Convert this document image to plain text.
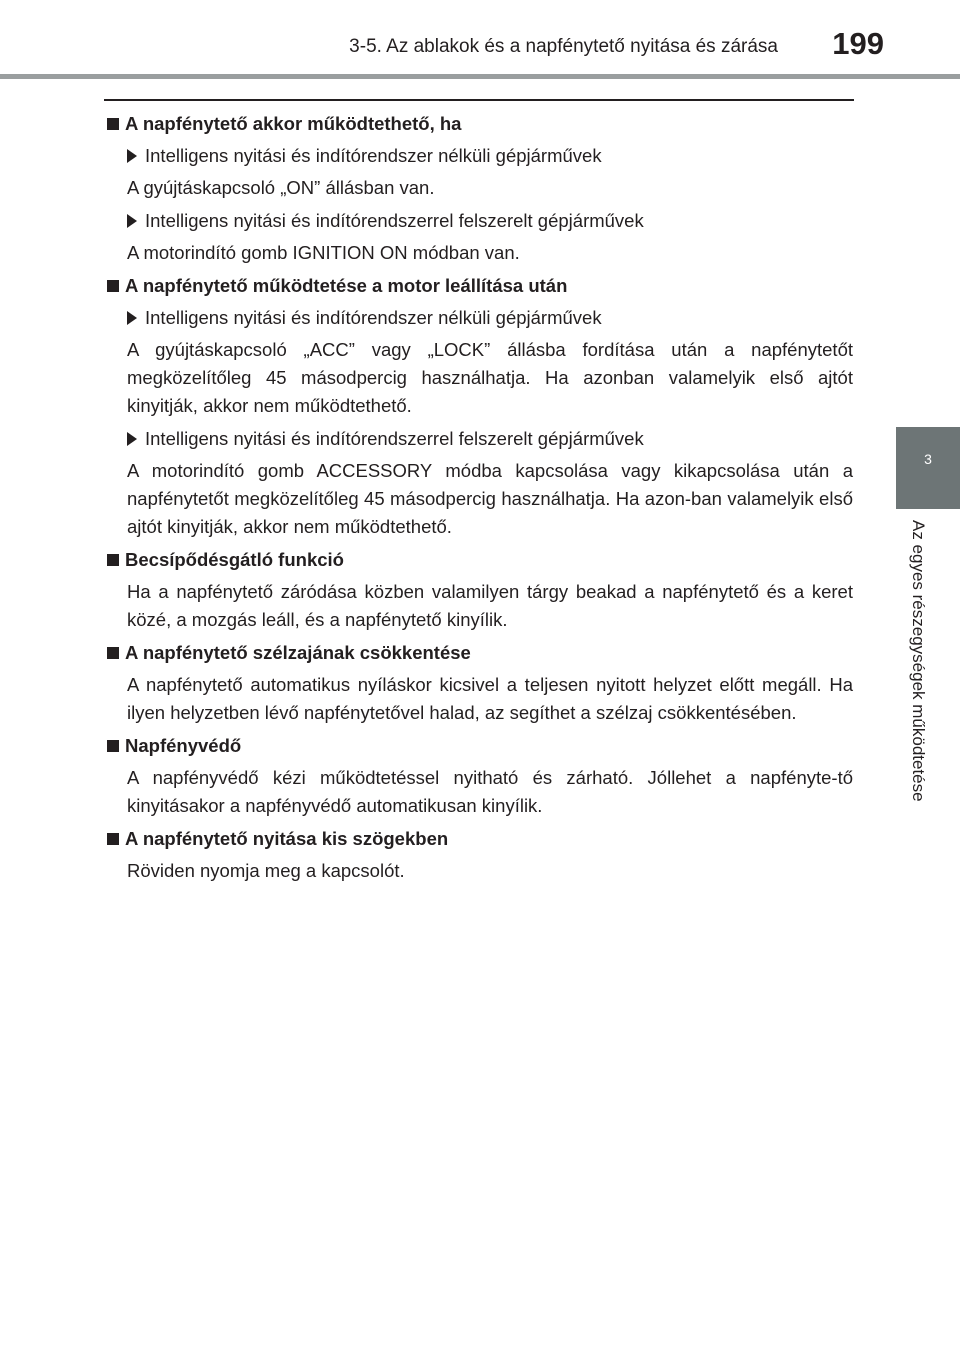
3-5. Az ablakok és a napfénytető nyitása és zárása 199
3
Az egyes részegységek működtetése
A napfénytető akkor működtethető, ha
Intelligens nyitási és indítórendszer nélküli gépjárművek

A gyújtáskapcsoló „ON” állásban van.

Intelligens nyitási és indítórendszerrel felszerelt gépjárművek

A motorindító gomb IGNITION ON módban van.

A napfénytető működtetése a motor leállítása után
Intelligens nyitási és indítórendszer nélküli gépjárművek

A gyújtáskapcsoló „ACC” vagy „LOCK” állásba fordítása után a napfénytetőt megközelítőleg 45 másodpercig használhatja. Ha azonban valamelyik első ajtót kinyitják, akkor nem működtethető.

Intelligens nyitási és indítórendszerrel felszerelt gépjárművek

A motorindító gomb ACCESSORY módba kapcsolása vagy kikapcsolása után a napfénytetőt megközelítőleg 45 másodpercig használhatja. Ha azon-ban valamelyik első ajtót kinyitják, akkor nem működtethető.

Becsípődésgátló funkció

Ha a napfénytető záródása közben valamilyen tárgy beakad a napfénytető és a keret közé, a mozgás leáll, és a napfénytető kinyílik.

A napfénytető szélzajának csökkentése

A napfénytető automatikus nyíláskor kicsivel a teljesen nyitott helyzet előtt megáll. Ha ilyen helyzetben lévő napfénytetővel halad, az segíthet a szélzaj csökkentésében.

Napfényvédő

A napfényvédő kézi működtetéssel nyitható és zárható. Jóllehet a napfényte-tő kinyitásakor a napfényvédő automatikusan kinyílik.

A napfénytető nyitása kis szögekben

Röviden nyomja meg a kapcsolót.
